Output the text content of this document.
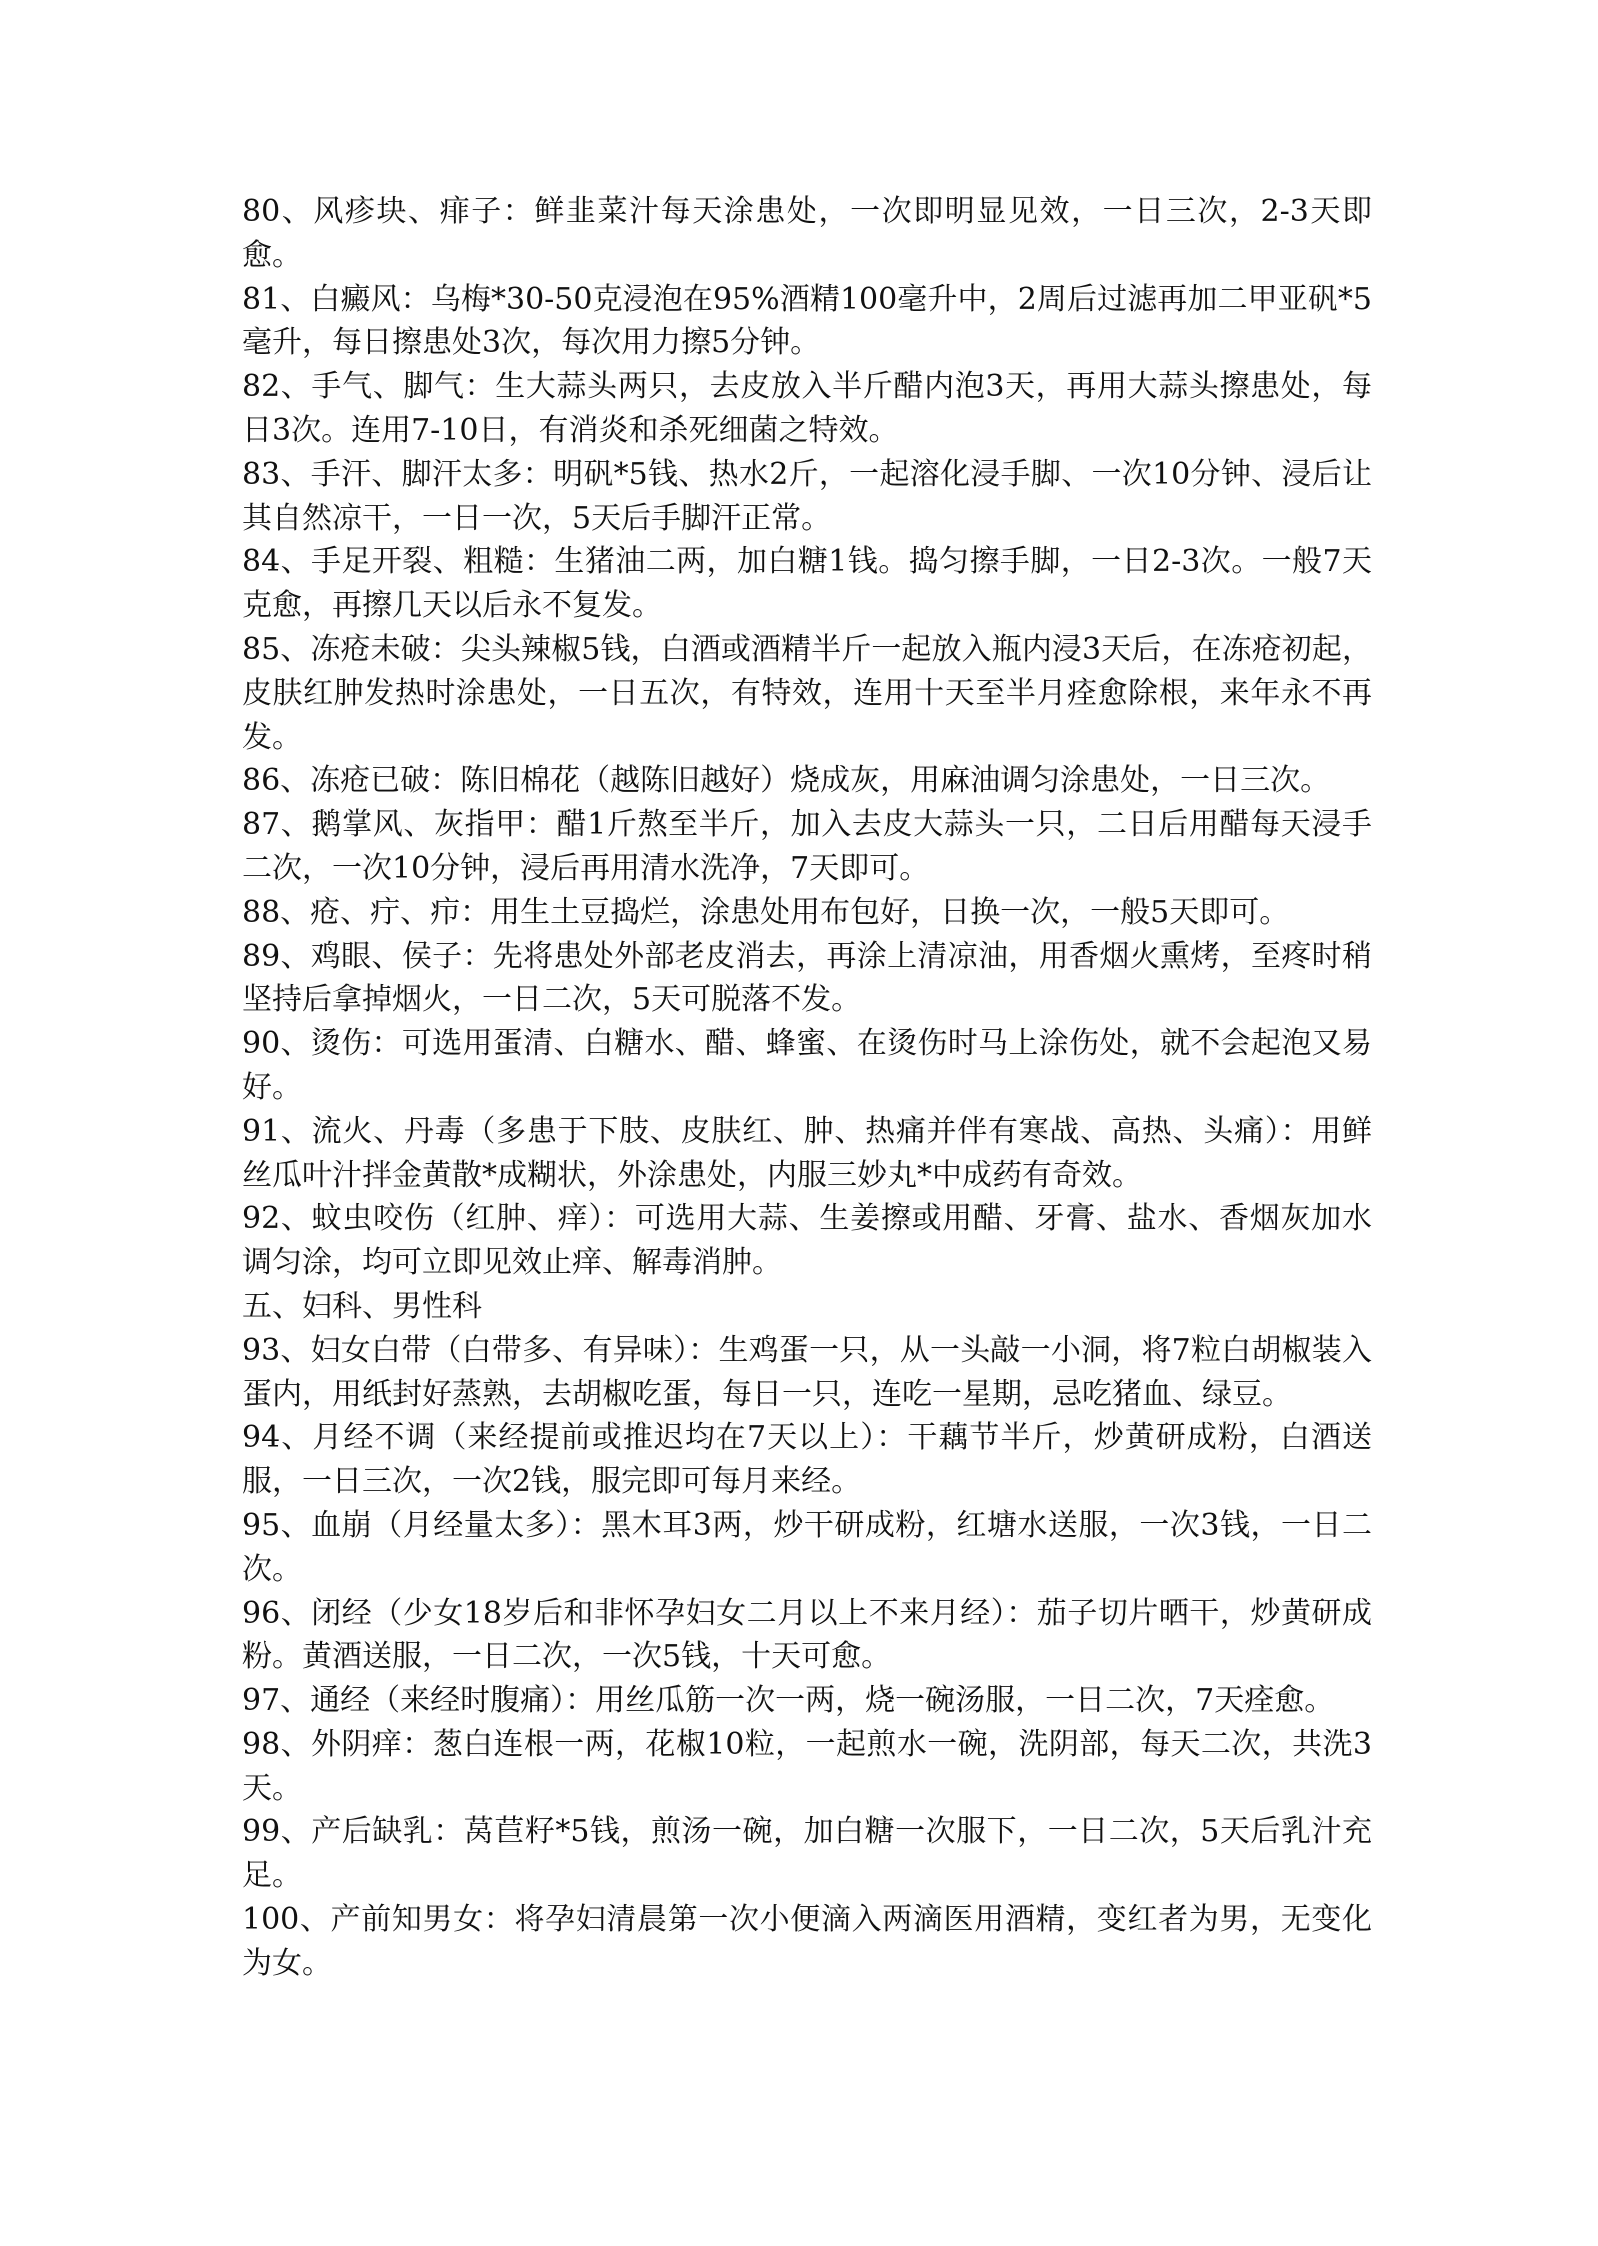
80、风疹块、痱子：鲜韭菜汁每天涂患处，一次即明显见效，一日三次，2-3天即愈。

81、白癜风：乌梅*30-50克浸泡在95%酒精100毫升中，2周后过滤再加二甲亚矾*5毫升，每日擦患处3次，每次用力擦5分钟。

82、手气、脚气：生大蒜头两只，去皮放入半斤醋内泡3天，再用大蒜头擦患处，每日3次。连用7-10日，有消炎和杀死细菌之特效。

83、手汗、脚汗太多：明矾*5钱、热水2斤，一起溶化浸手脚、一次10分钟、浸后让其自然凉干，一日一次，5天后手脚汗正常。

84、手足开裂、粗糙：生猪油二两，加白糖1钱。捣匀擦手脚，一日2-3次。一般7天克愈，再擦几天以后永不复发。

85、冻疮未破：尖头辣椒5钱，白酒或酒精半斤一起放入瓶内浸3天后，在冻疮初起，皮肤红肿发热时涂患处，一日五次，有特效，连用十天至半月痊愈除根，来年永不再发。

86、冻疮已破：陈旧棉花（越陈旧越好）烧成灰，用麻油调匀涂患处，一日三次。

87、鹅掌风、灰指甲：醋1斤熬至半斤，加入去皮大蒜头一只，二日后用醋每天浸手二次，一次10分钟，浸后再用清水洗净，7天即可。

88、疮、疔、疖：用生土豆捣烂，涂患处用布包好，日换一次，一般5天即可。

89、鸡眼、侯子：先将患处外部老皮消去，再涂上清凉油，用香烟火熏烤，至疼时稍坚持后拿掉烟火，一日二次，5天可脱落不发。

90、烫伤：可选用蛋清、白糖水、醋、蜂蜜、在烫伤时马上涂伤处，就不会起泡又易好。

91、流火、丹毒（多患于下肢、皮肤红、肿、热痛并伴有寒战、高热、头痛）：用鲜丝瓜叶汁拌金黄散*成糊状，外涂患处，内服三妙丸*中成药有奇效。

92、蚊虫咬伤（红肿、痒）：可选用大蒜、生姜擦或用醋、牙膏、盐水、香烟灰加水调匀涂，均可立即见效止痒、解毒消肿。

五、妇科、男性科

93、妇女白带（白带多、有异味）：生鸡蛋一只，从一头敲一小洞，将7粒白胡椒装入蛋内，用纸封好蒸熟，去胡椒吃蛋，每日一只，连吃一星期，忌吃猪血、绿豆。

94、月经不调（来经提前或推迟均在7天以上）：干藕节半斤，炒黄研成粉，白酒送服，一日三次，一次2钱，服完即可每月来经。

95、血崩（月经量太多）：黑木耳3两，炒干研成粉，红塘水送服，一次3钱，一日二次。

96、闭经（少女18岁后和非怀孕妇女二月以上不来月经）：茄子切片晒干，炒黄研成粉。黄酒送服，一日二次，一次5钱，十天可愈。

97、通经（来经时腹痛）：用丝瓜筋一次一两，烧一碗汤服，一日二次，7天痊愈。

98、外阴痒：葱白连根一两，花椒10粒，一起煎水一碗，洗阴部，每天二次，共洗3天。

99、产后缺乳：莴苣籽*5钱，煎汤一碗，加白糖一次服下，一日二次，5天后乳汁充足。

100、产前知男女：将孕妇清晨第一次小便滴入两滴医用酒精，变红者为男，无变化为女。
